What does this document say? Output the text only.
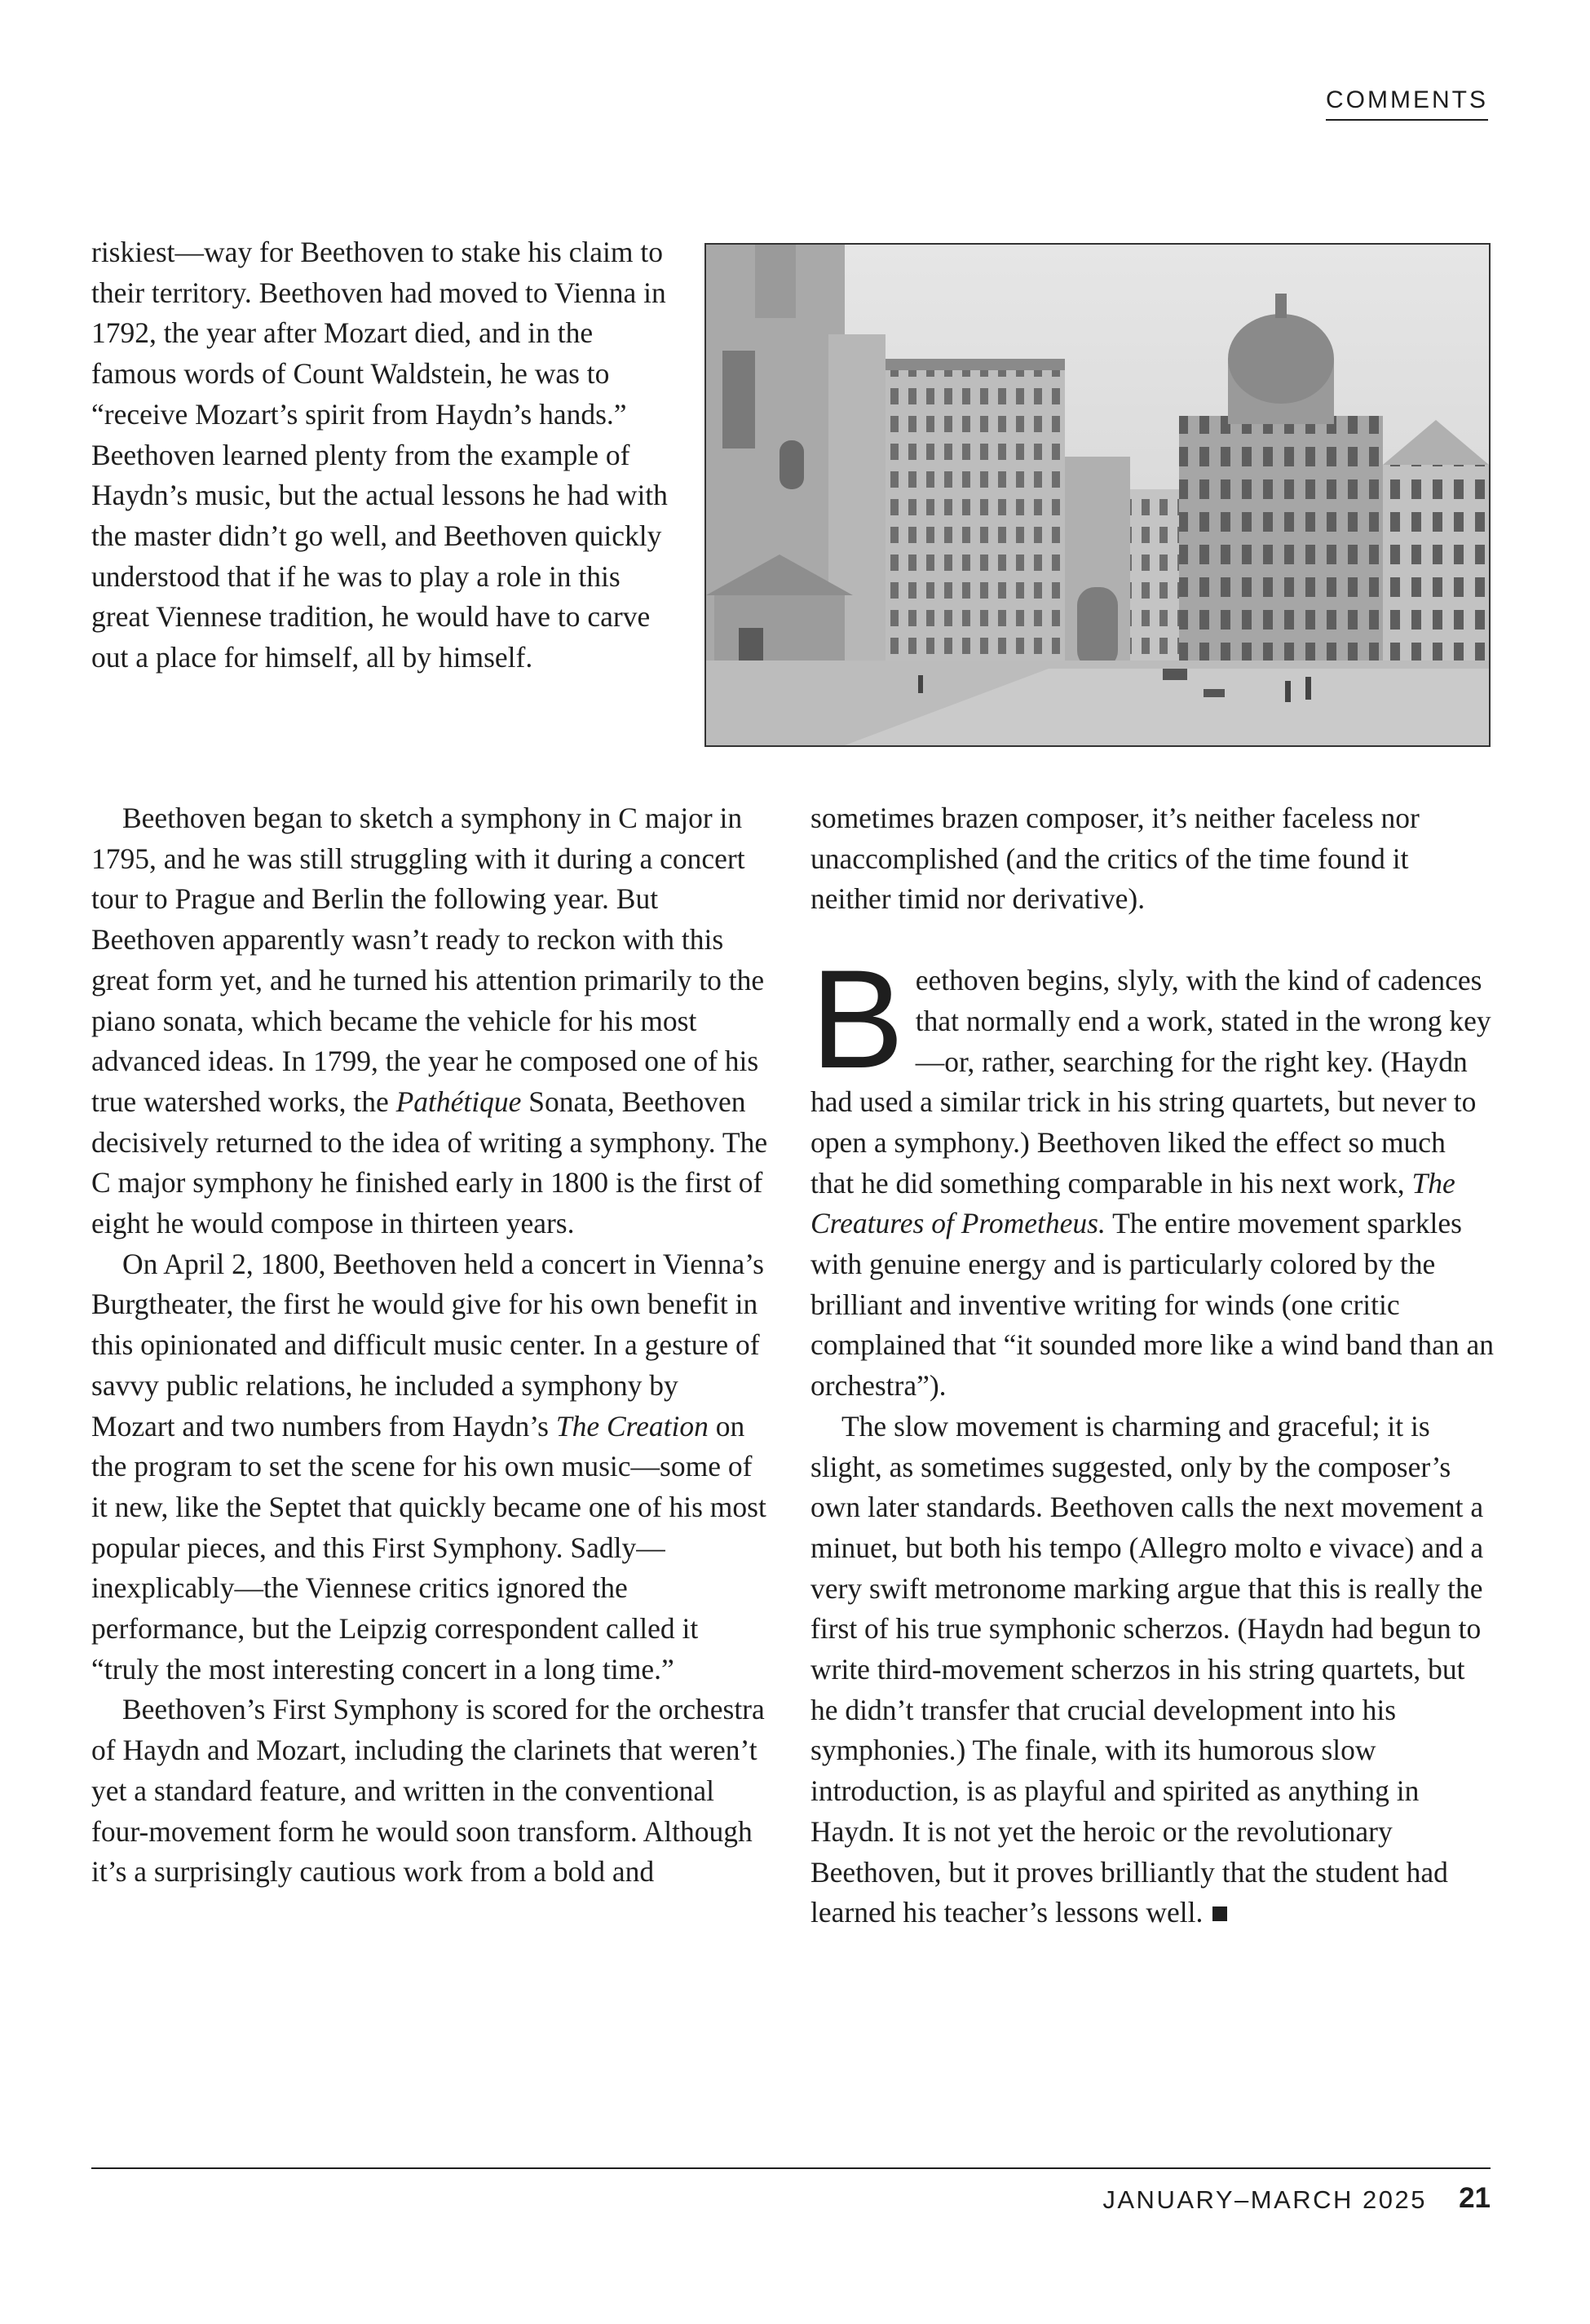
COMMENTS

riskiest—way for Beethoven to stake his claim to their territory. Beethoven had moved to Vienna in 1792, the year after Mozart died, and in the famous words of Count Waldstein, he was to “receive Mozart’s spirit from Haydn’s hands.” Beethoven learned plenty from the example of Haydn’s music, but the actual lessons he had with the master didn’t go well, and Beethoven quickly understood that if he was to play a role in this great Viennese tradition, he would have to carve out a place for himself, all by himself.

Beethoven began to sketch a symphony in C major in 1795, and he was still struggling with it during a concert tour to Prague and Berlin the following year. But Beethoven apparently wasn’t ready to reckon with this great form yet, and he turned his attention primarily to the piano sonata, which became the vehicle for his most advanced ideas. In 1799, the year he composed one of his true watershed works, the Pathétique Sonata, Beethoven decisively returned to the idea of writing a symphony. The C major symphony he finished early in 1800 is the first of eight he would compose in thirteen years.

On April 2, 1800, Beethoven held a concert in Vienna’s Burgtheater, the first he would give for his own benefit in this opinionated and difficult music center. In a gesture of savvy public relations, he included a symphony by Mozart and two numbers from Haydn’s The Creation on the program to set the scene for his own music—some of it new, like the Septet that quickly became one of his most popular pieces, and this First Symphony. Sadly—inexplicably—the Viennese critics ignored the performance, but the Leipzig correspondent called it “truly the most interesting concert in a long time.”

Beethoven’s First Symphony is scored for the orchestra of Haydn and Mozart, including the clarinets that weren’t yet a standard feature, and written in the conventional four-movement form he would soon transform. Although it’s a surprisingly cautious work from a bold and

sometimes brazen composer, it’s neither faceless nor unaccomplished (and the critics of the time found it neither timid nor derivative).

Beethoven begins, slyly, with the kind of cadences that normally end a work, stated in the wrong key—or, rather, searching for the right key. (Haydn had used a similar trick in his string quartets, but never to open a symphony.) Beethoven liked the effect so much that he did something comparable in his next work, The Creatures of Prometheus. The entire movement sparkles with genuine energy and is particularly colored by the brilliant and inventive writing for winds (one critic complained that “it sounded more like a wind band than an orchestra”).

The slow movement is charming and graceful; it is slight, as sometimes suggested, only by the composer’s own later standards. Beethoven calls the next movement a minuet, but both his tempo (Allegro molto e vivace) and a very swift metronome marking argue that this is really the first of his true symphonic scherzos. (Haydn had begun to write third-movement scherzos in his string quartets, but he didn’t transfer that crucial development into his symphonies.) The finale, with its humorous slow introduction, is as playful and spirited as anything in Haydn. It is not yet the heroic or the revolutionary Beethoven, but it proves brilliantly that the student had learned his teacher’s lessons well.

JANUARY–MARCH 2025 21
